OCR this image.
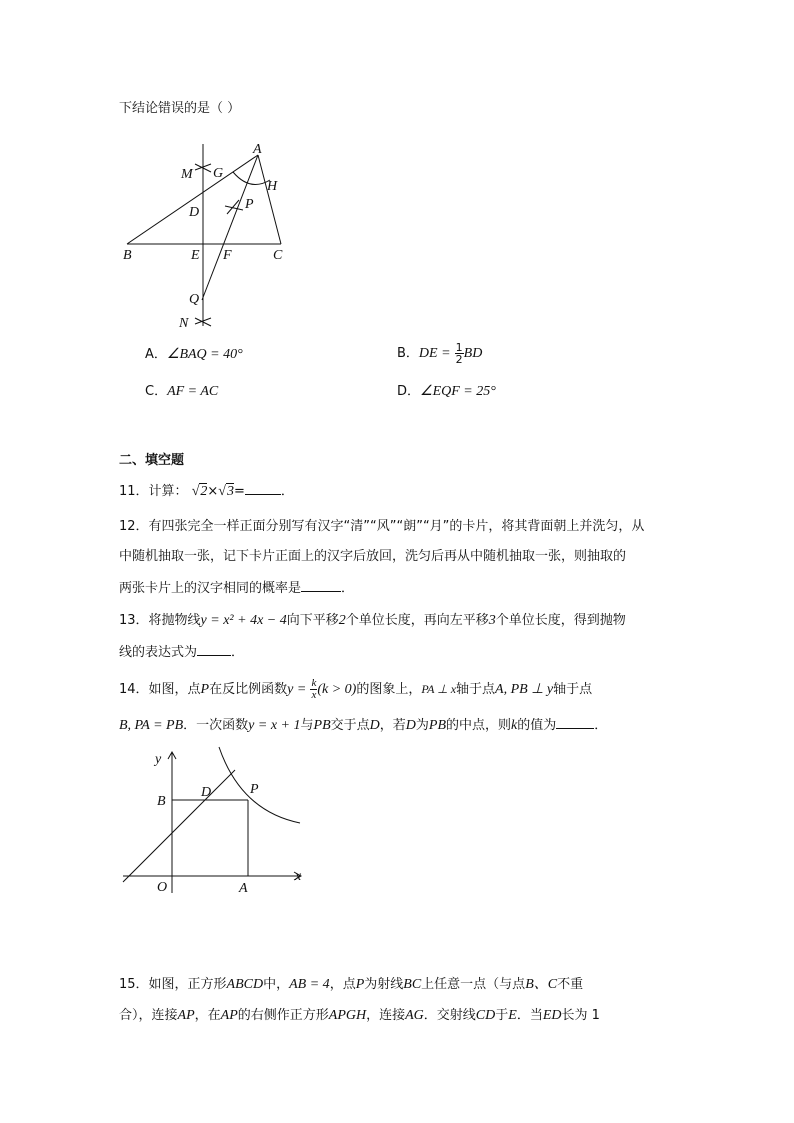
下结论错误的是（ ）
A
M G
H
D
P
B	E F	C
Q
N
A．∠BAQ = 40°	B．DE = $\frac{1}{2}$ BD
C．AF = AC	D．∠EQF = 25°
二、填空题
11．计算： √2×√3=	．
12．有四张完全一样正面分别写有汉字“清”“风”“朗”“月”的卡片，将其背面朝上并洗匀，从
中随机抽取一张，记下卡片正面上的汉字后放回，洗匀后再从中随机抽取一张，则抽取的
两张卡片上的汉字相同的概率是	．
13．将抛物线y = x² + 4x − 4向下平移2个单位长度，再向左平移3个单位长度，得到抛物
线的表达式为	．
14．如图，点P在反比例函数$y = \frac{k}{x} (k > 0)$的图象上，PA ⊥ x轴于点A, PB ⊥ y轴于点
B, PA = PB．一次函数y = x + 1与PB交于点D，若D为PB的中点，则k的值为	．
y
B
D	P
O	A
x
15．如图，正方形ABCD中，AB = 4，点P为射线BC上任意一点（与点B、C不重
合），连接AP，在AP的右侧作正方形APGH，连接AG．交射线CD于E．当ED长为 1
